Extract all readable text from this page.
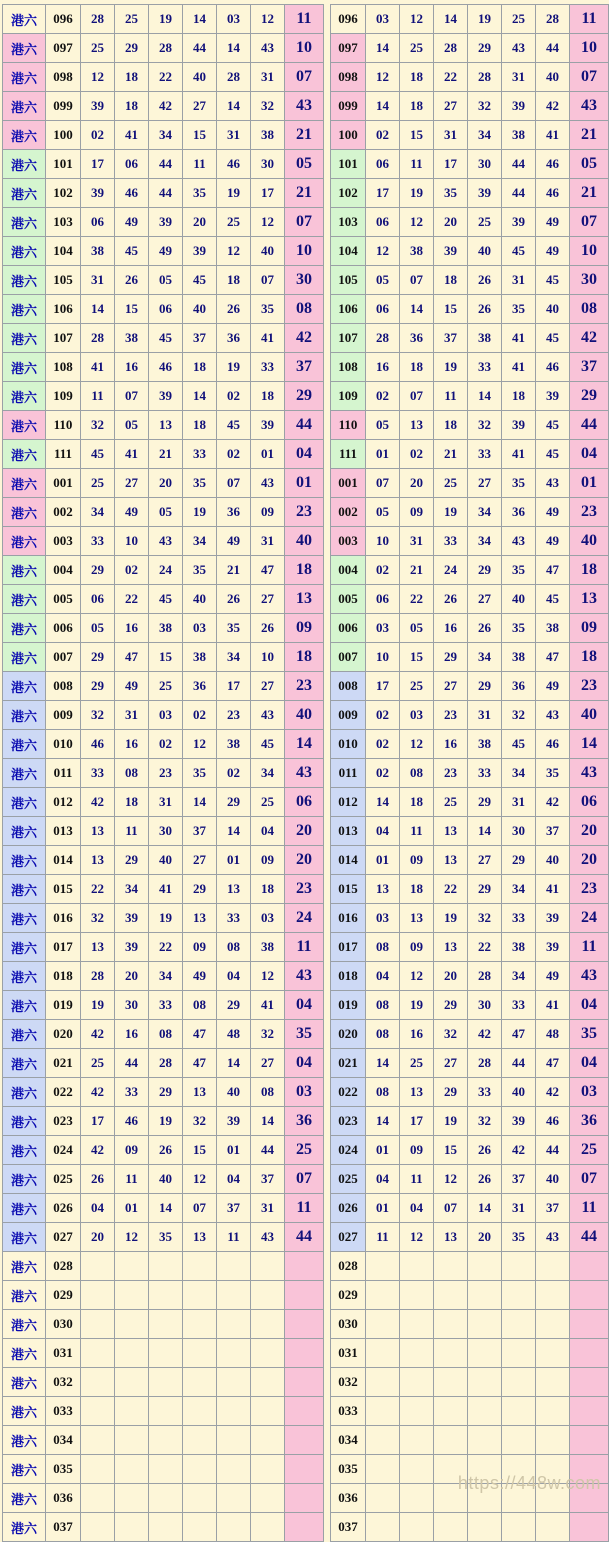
港六	096	28	25	19	14	03	12	11
港六	097	25	29	28	44	14	43	10
港六	098	12	18	22	40	28	31	07
港六	099	39	18	42	27	14	32	43
港六	100	02	41	34	15	31	38	21
港六	101	17	06	44	11	46	30	05
港六	102	39	46	44	35	19	17	21
港六	103	06	49	39	20	25	12	07
港六	104	38	45	49	39	12	40	10
港六	105	31	26	05	45	18	07	30
港六	106	14	15	06	40	26	35	08
港六	107	28	38	45	37	36	41	42
港六	108	41	16	46	18	19	33	37
港六	109	11	07	39	14	02	18	29
港六	110	32	05	13	18	45	39	44
港六	111	45	41	21	33	02	01	04
港六	001	25	27	20	35	07	43	01
港六	002	34	49	05	19	36	09	23
港六	003	33	10	43	34	49	31	40
港六	004	29	02	24	35	21	47	18
港六	005	06	22	45	40	26	27	13
港六	006	05	16	38	03	35	26	09
港六	007	29	47	15	38	34	10	18
港六	008	29	49	25	36	17	27	23
港六	009	32	31	03	02	23	43	40
港六	010	46	16	02	12	38	45	14
港六	011	33	08	23	35	02	34	43
港六	012	42	18	31	14	29	25	06
港六	013	13	11	30	37	14	04	20
港六	014	13	29	40	27	01	09	20
港六	015	22	34	41	29	13	18	23
港六	016	32	39	19	13	33	03	24
港六	017	13	39	22	09	08	38	11
港六	018	28	20	34	49	04	12	43
港六	019	19	30	33	08	29	41	04
港六	020	42	16	08	47	48	32	35
港六	021	25	44	28	47	14	27	04
港六	022	42	33	29	13	40	08	03
港六	023	17	46	19	32	39	14	36
港六	024	42	09	26	15	01	44	25
港六	025	26	11	40	12	04	37	07
港六	026	04	01	14	07	37	31	11
港六	027	20	12	35	13	11	43	44
港六	028							
港六	029							
港六	030							
港六	031							
港六	032							
港六	033							
港六	034							
港六	035							
港六	036							
港六	037							
096	03	12	14	19	25	28	11
097	14	25	28	29	43	44	10
098	12	18	22	28	31	40	07
099	14	18	27	32	39	42	43
100	02	15	31	34	38	41	21
101	06	11	17	30	44	46	05
102	17	19	35	39	44	46	21
103	06	12	20	25	39	49	07
104	12	38	39	40	45	49	10
105	05	07	18	26	31	45	30
106	06	14	15	26	35	40	08
107	28	36	37	38	41	45	42
108	16	18	19	33	41	46	37
109	02	07	11	14	18	39	29
110	05	13	18	32	39	45	44
111	01	02	21	33	41	45	04
001	07	20	25	27	35	43	01
002	05	09	19	34	36	49	23
003	10	31	33	34	43	49	40
004	02	21	24	29	35	47	18
005	06	22	26	27	40	45	13
006	03	05	16	26	35	38	09
007	10	15	29	34	38	47	18
008	17	25	27	29	36	49	23
009	02	03	23	31	32	43	40
010	02	12	16	38	45	46	14
011	02	08	23	33	34	35	43
012	14	18	25	29	31	42	06
013	04	11	13	14	30	37	20
014	01	09	13	27	29	40	20
015	13	18	22	29	34	41	23
016	03	13	19	32	33	39	24
017	08	09	13	22	38	39	11
018	04	12	20	28	34	49	43
019	08	19	29	30	33	41	04
020	08	16	32	42	47	48	35
021	14	25	27	28	44	47	04
022	08	13	29	33	40	42	03
023	14	17	19	32	39	46	36
024	01	09	15	26	42	44	25
025	04	11	12	26	37	40	07
026	01	04	07	14	31	37	11
027	11	12	13	20	35	43	44
028							
029							
030							
031							
032							
033							
034							
035							
036							
037							
https://448w.com
